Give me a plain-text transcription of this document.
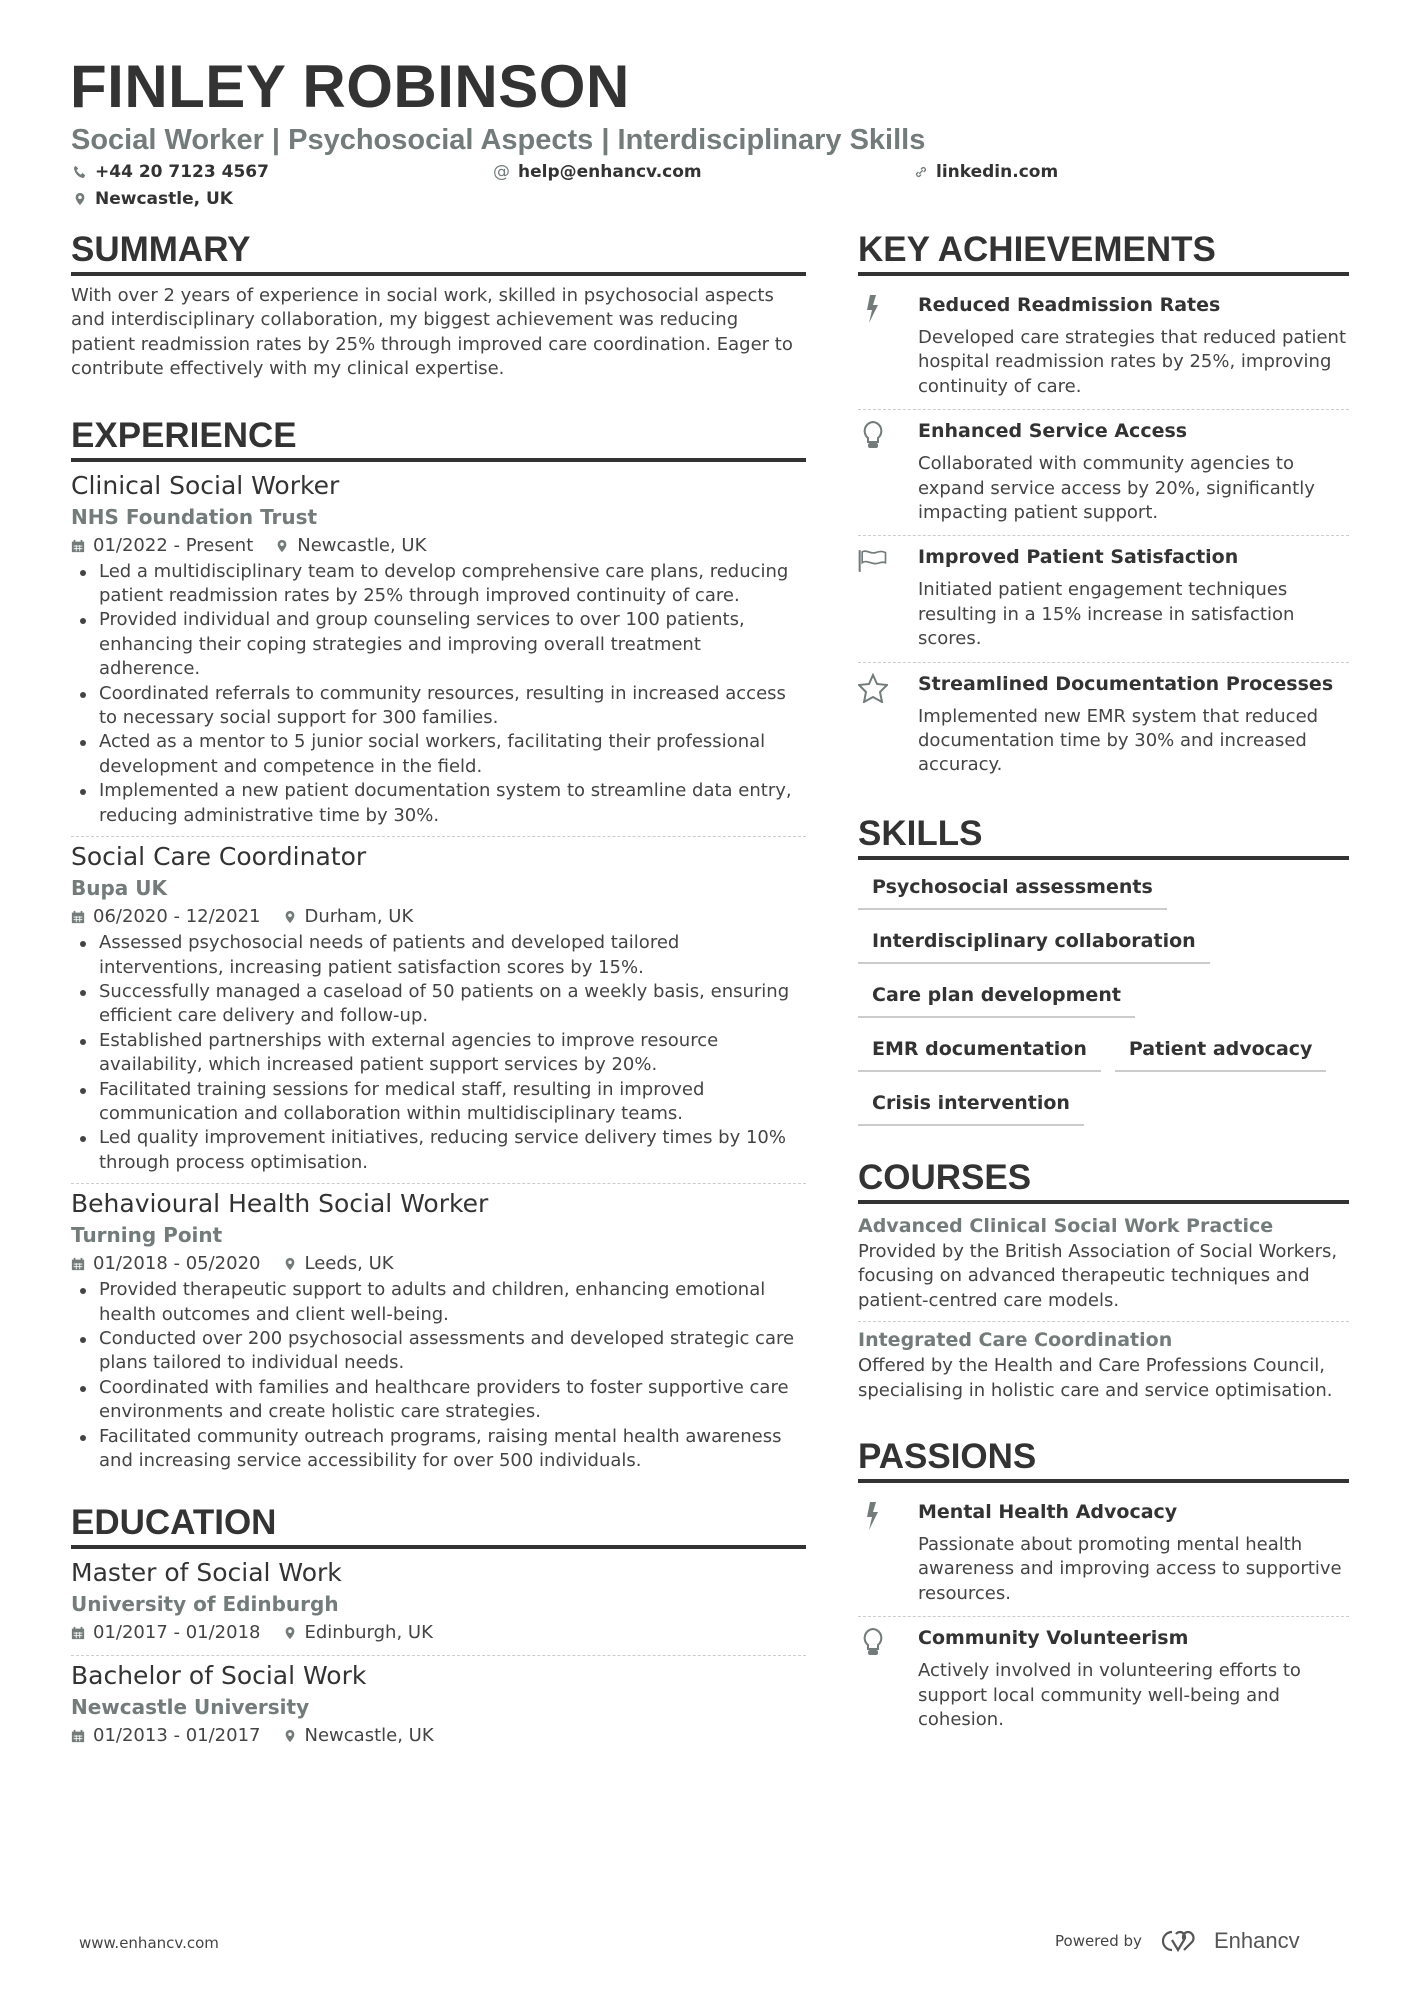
FINLEY ROBINSON
Social Worker | Psychosocial Aspects | Interdisciplinary Skills
+44 20 7123 4567	@ help@enhancv.com	linkedin.com
Newcastle, UK
SUMMARY
With over 2 years of experience in social work, skilled in psychosocial aspects and interdisciplinary collaboration, my biggest achievement was reducing patient readmission rates by 25% through improved care coordination. Eager to contribute effectively with my clinical expertise.
EXPERIENCE
Clinical Social Worker
NHS Foundation Trust
01/2022 - Present Newcastle, UK
Led a multidisciplinary team to develop comprehensive care plans, reducing patient readmission rates by 25% through improved continuity of care.
Provided individual and group counseling services to over 100 patients, enhancing their coping strategies and improving overall treatment adherence.
Coordinated referrals to community resources, resulting in increased access to necessary social support for 300 families.
Acted as a mentor to 5 junior social workers, facilitating their professional development and competence in the field.
Implemented a new patient documentation system to streamline data entry, reducing administrative time by 30%.
Social Care Coordinator
Bupa UK
06/2020 - 12/2021 Durham, UK
Assessed psychosocial needs of patients and developed tailored interventions, increasing patient satisfaction scores by 15%.
Successfully managed a caseload of 50 patients on a weekly basis, ensuring efficient care delivery and follow-up.
Established partnerships with external agencies to improve resource availability, which increased patient support services by 20%.
Facilitated training sessions for medical staff, resulting in improved communication and collaboration within multidisciplinary teams.
Led quality improvement initiatives, reducing service delivery times by 10% through process optimisation.
Behavioural Health Social Worker
Turning Point
01/2018 - 05/2020 Leeds, UK
Provided therapeutic support to adults and children, enhancing emotional health outcomes and client well-being.
Conducted over 200 psychosocial assessments and developed strategic care plans tailored to individual needs.
Coordinated with families and healthcare providers to foster supportive care environments and create holistic care strategies.
Facilitated community outreach programs, raising mental health awareness and increasing service accessibility for over 500 individuals.
EDUCATION
Master of Social Work
University of Edinburgh
01/2017 - 01/2018 Edinburgh, UK
Bachelor of Social Work
Newcastle University
01/2013 - 01/2017 Newcastle, UK
KEY ACHIEVEMENTS
Reduced Readmission Rates
Developed care strategies that reduced patient hospital readmission rates by 25%, improving continuity of care.
Enhanced Service Access
Collaborated with community agencies to expand service access by 20%, significantly impacting patient support.
Improved Patient Satisfaction
Initiated patient engagement techniques resulting in a 15% increase in satisfaction scores.
Streamlined Documentation Processes
Implemented new EMR system that reduced documentation time by 30% and increased accuracy.
SKILLS
Psychosocial assessments
Interdisciplinary collaboration
Care plan development
EMR documentation	Patient advocacy
Crisis intervention
COURSES
Advanced Clinical Social Work Practice
Provided by the British Association of Social Workers, focusing on advanced therapeutic techniques and patient-centred care models.
Integrated Care Coordination
Offered by the Health and Care Professions Council, specialising in holistic care and service optimisation.
PASSIONS
Mental Health Advocacy
Passionate about promoting mental health awareness and improving access to supportive resources.
Community Volunteerism
Actively involved in volunteering efforts to support local community well-being and cohesion.
www.enhancv.com	Powered by	Enhancv
